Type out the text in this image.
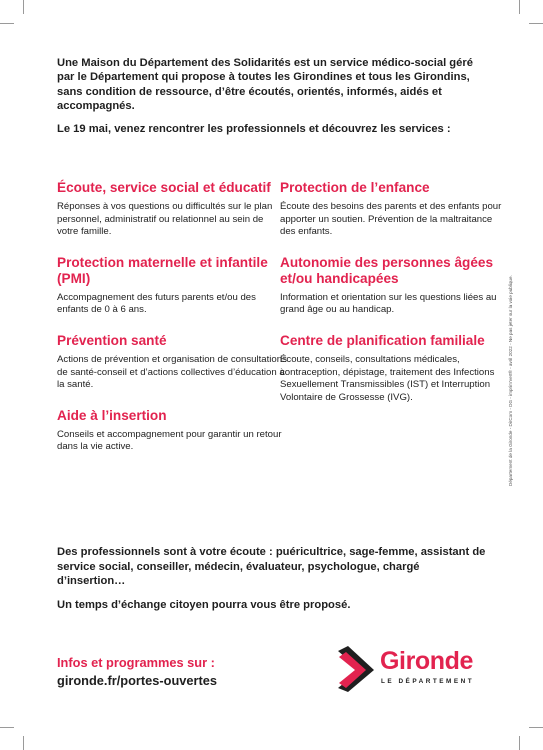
Une Maison du Département des Solidarités est un service médico-social géré par le Département qui propose à toutes les Girondines et tous les Girondins, sans condition de ressource, d’être écoutés, orientés, informés, aidés et accompagnés.

Le 19 mai, venez rencontrer les professionnels et découvrez les services :

Écoute, service social et éducatif
Réponses à vos questions ou difficultés sur le plan personnel, administratif ou relationnel au sein de votre famille.
Protection maternelle et infantile (PMI)
Accompagnement des futurs parents et/ou des enfants de 0 à 6 ans.
Prévention santé
Actions de prévention et organisation de consultations de santé-conseil et d’actions collectives d’éducation à la santé.
Aide à l’insertion
Conseils et accompagnement pour garantir un retour dans la vie active.
Protection de l’enfance
Écoute des besoins des parents et des enfants pour apporter un soutien. Prévention de la maltraitance des enfants.
Autonomie des personnes âgées et/ou handicapées
Information et orientation sur les questions liées au grand âge ou au handicap.
Centre de planification familiale
Écoute, conseils, consultations médicales, contraception, dépistage, traitement des Infections Sexuellement Transmissibles (IST) et Interruption Volontaire de Grossesse (IVG).	Département de la Gironde - DirCom - DG - imprim'vert® - avril 2022 - Ne pas jeter sur la voie publique.

Des professionnels sont à votre écoute : puéricultrice, sage-femme, assistant de service social, conseiller, médecin, évaluateur, psychologue, chargé d’insertion…

Un temps d’échange citoyen pourra vous être proposé.

Infos et programmes sur :
gironde.fr/portes-ouvertes
Gironde
LE DÉPARTEMENT
